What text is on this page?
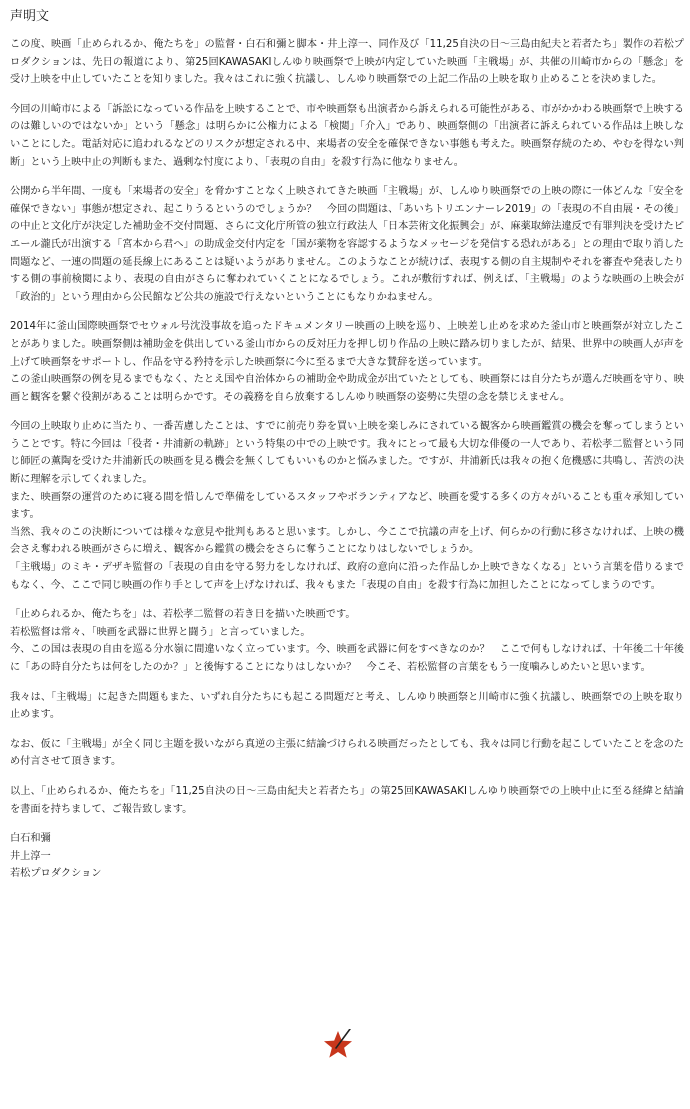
声明文
この度、映画「止められるか、俺たちを」の監督・白石和彌と脚本・井上淳一、同作及び「11,25自決の日〜三島由紀夫と若者たち」製作の若松プロダクションは、先日の報道により、第25回KAWASAKIしんゆり映画祭で上映が内定していた映画「主戦場」が、共催の川崎市からの「懸念」を受け上映を中止していたことを知りました。我々はこれに強く抗議し、しんゆり映画祭での上記二作品の上映を取り止めることを決めました。
今回の川崎市による「訴訟になっている作品を上映することで、市や映画祭も出演者から訴えられる可能性がある、市がかかわる映画祭で上映するのは難しいのではないか」という「懸念」は明らかに公権力による「検閲」「介入」であり、映画祭側の「出演者に訴えられている作品は上映しないことにした。電話対応に追われるなどのリスクが想定される中、来場者の安全を確保できない事態も考えた。映画祭存続のため、やむを得ない判断」という上映中止の判断もまた、過剰な忖度により、「表現の自由」を殺す行為に他なりません。
公開から半年間、一度も「来場者の安全」を脅かすことなく上映されてきた映画「主戦場」が、しんゆり映画祭での上映の際に一体どんな「安全を確保できない」事態が想定され、起こりうるというのでしょうか？　今回の問題は、「あいちトリエンナーレ2019」の「表現の不自由展・その後」の中止と文化庁が決定した補助金不交付問題、さらに文化庁所管の独立行政法人「日本芸術文化振興会」が、麻薬取締法違反で有罪判決を受けたピエール瀧氏が出演する「宮本から君へ」の助成金交付内定を「国が薬物を容認するようなメッセージを発信する恐れがある」との理由で取り消した問題など、一連の問題の延長線上にあることは疑いようがありません。このようなことが続けば、表現する側の自主規制やそれを審査や発表したりする側の事前検閲により、表現の自由がさらに奪われていくことになるでしょう。これが敷衍すれば、例えば、「主戦場」のような映画の上映会が「政治的」という理由から公民館など公共の施設で行えないということにもなりかねません。
2014年に釜山国際映画祭でセウォル号沈没事故を追ったドキュメンタリー映画の上映を巡り、上映差し止めを求めた釜山市と映画祭が対立したことがありました。映画祭側は補助金を供出している釜山市からの反対圧力を押し切り作品の上映に踏み切りましたが、結果、世界中の映画人が声を上げて映画祭をサポートし、作品を守る矜持を示した映画祭に今に至るまで大きな賛辞を送っています。
この釜山映画祭の例を見るまでもなく、たとえ国や自治体からの補助金や助成金が出ていたとしても、映画祭には自分たちが選んだ映画を守り、映画と観客を繋ぐ役割があることは明らかです。その義務を自ら放棄するしんゆり映画祭の姿勢に失望の念を禁じえません。
今回の上映取り止めに当たり、一番苦慮したことは、すでに前売り券を買い上映を楽しみにされている観客から映画鑑賞の機会を奪ってしまうということです。特に今回は「役者・井浦新の軌跡」という特集の中での上映です。我々にとって最も大切な俳優の一人であり、若松孝二監督という同じ師匠の薫陶を受けた井浦新氏の映画を見る機会を無くしてもいいものかと悩みました。ですが、井浦新氏は我々の抱く危機感に共鳴し、苦渋の決断に理解を示してくれました。
また、映画祭の運営のために寝る間を惜しんで準備をしているスタッフやボランティアなど、映画を愛する多くの方々がいることも重々承知しています。
当然、我々のこの決断については様々な意見や批判もあると思います。しかし、今ここで抗議の声を上げ、何らかの行動に移さなければ、上映の機会さえ奪われる映画がさらに増え、観客から鑑賞の機会をさらに奪うことになりはしないでしょうか。
「主戦場」のミキ・デザキ監督の「表現の自由を守る努力をしなければ、政府の意向に沿った作品しか上映できなくなる」という言葉を借りるまでもなく、今、ここで同じ映画の作り手として声を上げなければ、我々もまた「表現の自由」を殺す行為に加担したことになってしまうのです。
「止められるか、俺たちを」は、若松孝二監督の若き日を描いた映画です。
若松監督は常々、「映画を武器に世界と闘う」と言っていました。
今、この国は表現の自由を巡る分水嶺に間違いなく立っています。今、映画を武器に何をすべきなのか？　ここで何もしなければ、十年後二十年後に「あの時自分たちは何をしたのか？」と後悔することになりはしないか？　今こそ、若松監督の言葉をもう一度噛みしめたいと思います。
我々は、「主戦場」に起きた問題もまた、いずれ自分たちにも起こる問題だと考え、しんゆり映画祭と川崎市に強く抗議し、映画祭での上映を取り止めます。
なお、仮に「主戦場」が全く同じ主題を扱いながら真逆の主張に結論づけられる映画だったとしても、我々は同じ行動を起こしていたことを念のため付言させて頂きます。
以上、「止められるか、俺たちを」「11,25自決の日〜三島由紀夫と若者たち」の第25回KAWASAKIしんゆり映画祭での上映中止に至る経緯と結論を書面を持ちまして、ご報告致します。
白石和彌
井上淳一
若松プロダクション
